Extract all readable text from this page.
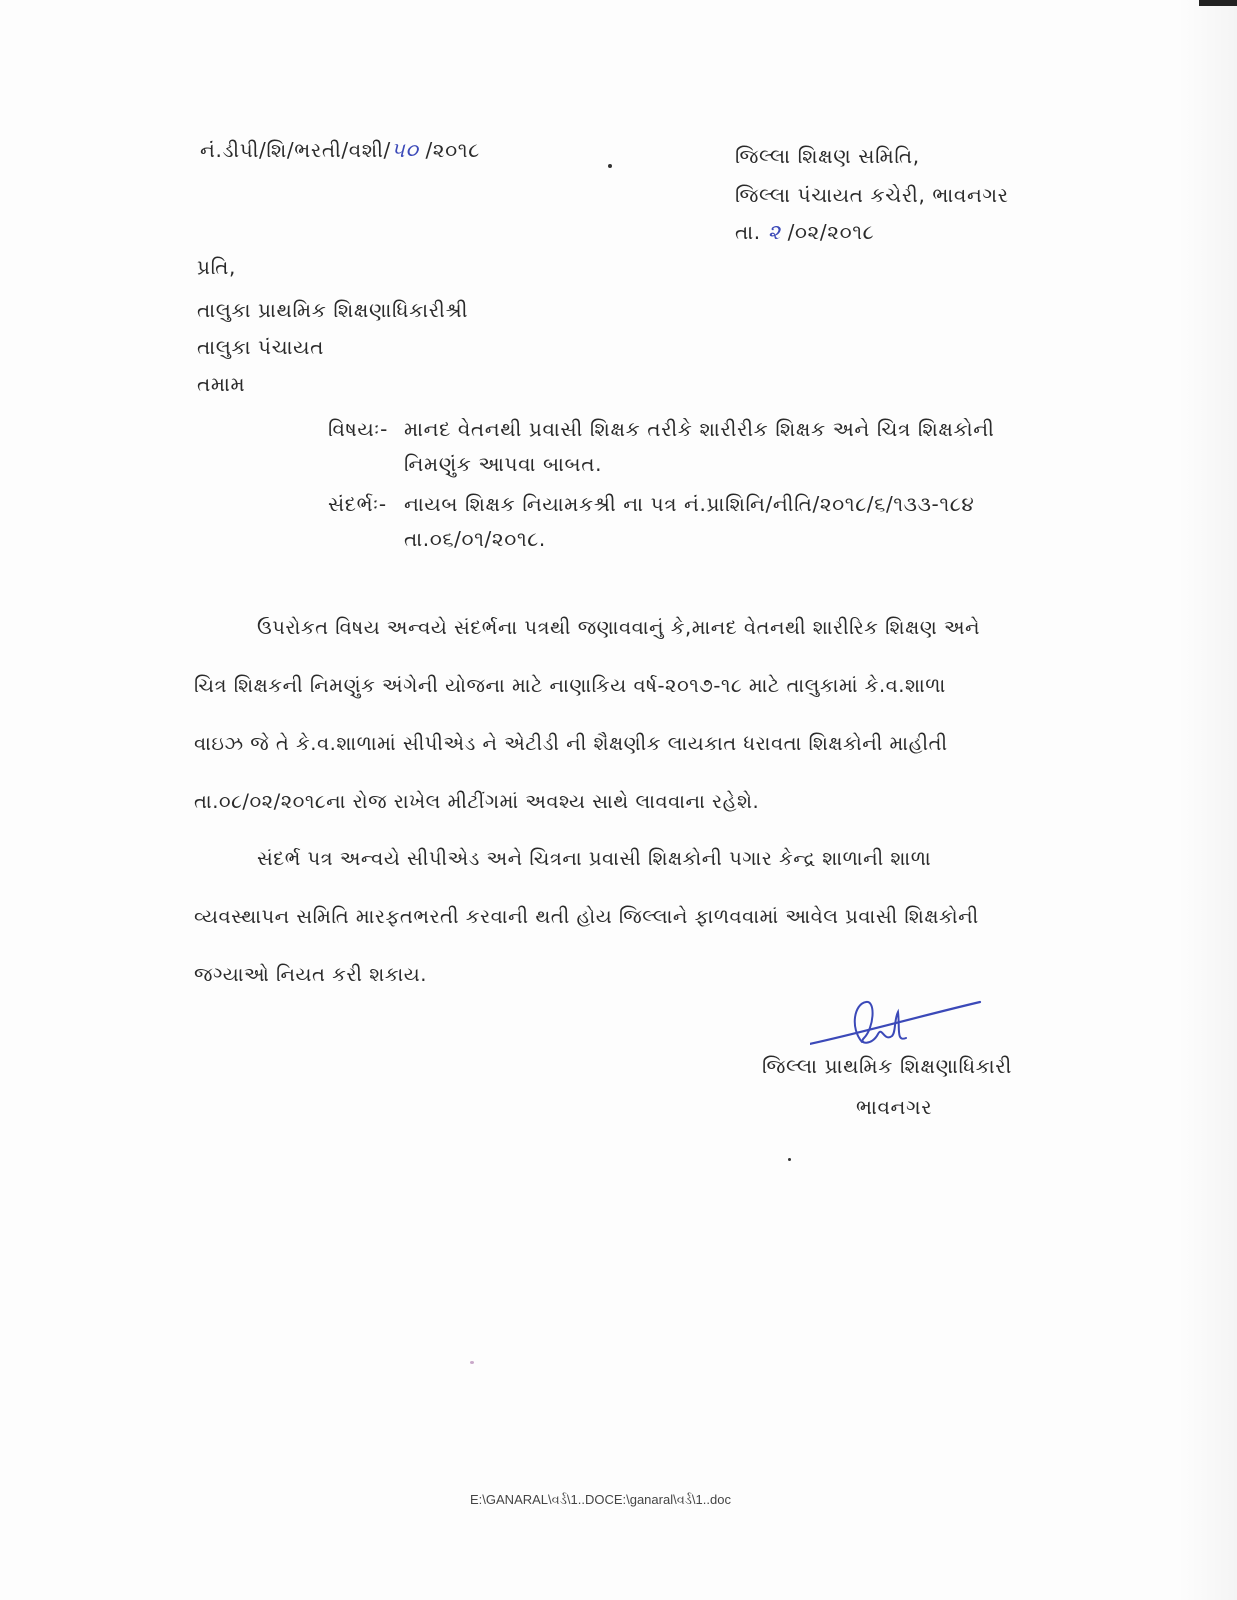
નં.ડીપી/શિ/ભરતી/વશી/૫૦ /૨૦૧૮	જિલ્લા શિક્ષણ સમિતિ,
જિલ્લા પંચાયત કચેરી, ભાવનગર
તા. ૨ /૦૨/૨૦૧૮
પ્રતિ,
તાલુકા પ્રાથમિક શિક્ષણાધિકારીશ્રી
તાલુકા પંચાયત
તમામ
વિષયઃ- માનદ વેતનથી પ્રવાસી શિક્ષક તરીકે શારીરીક શિક્ષક અને ચિત્ર શિક્ષકોની
નિમણુંક આપવા બાબત.
સંદર્ભઃ- નાયબ શિક્ષક નિયામકશ્રી ના પત્ર નં.પ્રાશિનિ/નીતિ/૨૦૧૮/૬/૧૩૩-૧૮૪
તા.૦૬/૦૧/૨૦૧૮.
ઉપરોકત વિષય અન્વયે સંદર્ભના પત્રથી જણાવવાનું કે,માનદ વેતનથી શારીરિક શિક્ષણ અને
ચિત્ર શિક્ષકની નિમણુંક અંગેની યોજના માટે નાણાકિય વર્ષ-૨૦૧૭-૧૮ માટે તાલુકામાં કે.વ.શાળા
વાઇઝ જે તે કે.વ.શાળામાં સીપીએડ ને એટીડી ની શૈક્ષણીક લાયકાત ધરાવતા શિક્ષકોની માહીતી
તા.૦૮/૦૨/૨૦૧૮ના રોજ રાખેલ મીટીંગમાં અવશ્ય સાથે લાવવાના રહેશે.
સંદર્ભ પત્ર અન્વયે સીપીએડ અને ચિત્રના પ્રવાસી શિક્ષકોની પગાર કેન્દ્ર શાળાની શાળા
વ્યવસ્થાપન સમિતિ મારફતભરતી કરવાની થતી હોય જિલ્લાને ફાળવવામાં આવેલ પ્રવાસી શિક્ષકોની
જગ્યાઓ નિયત કરી શકાય.
જિલ્લા પ્રાથમિક શિક્ષણાધિકારી
ભાવનગર
E:\GANARAL\વર્ડ\1..DOCE:\ganaral\વર્ડ\1..doc
